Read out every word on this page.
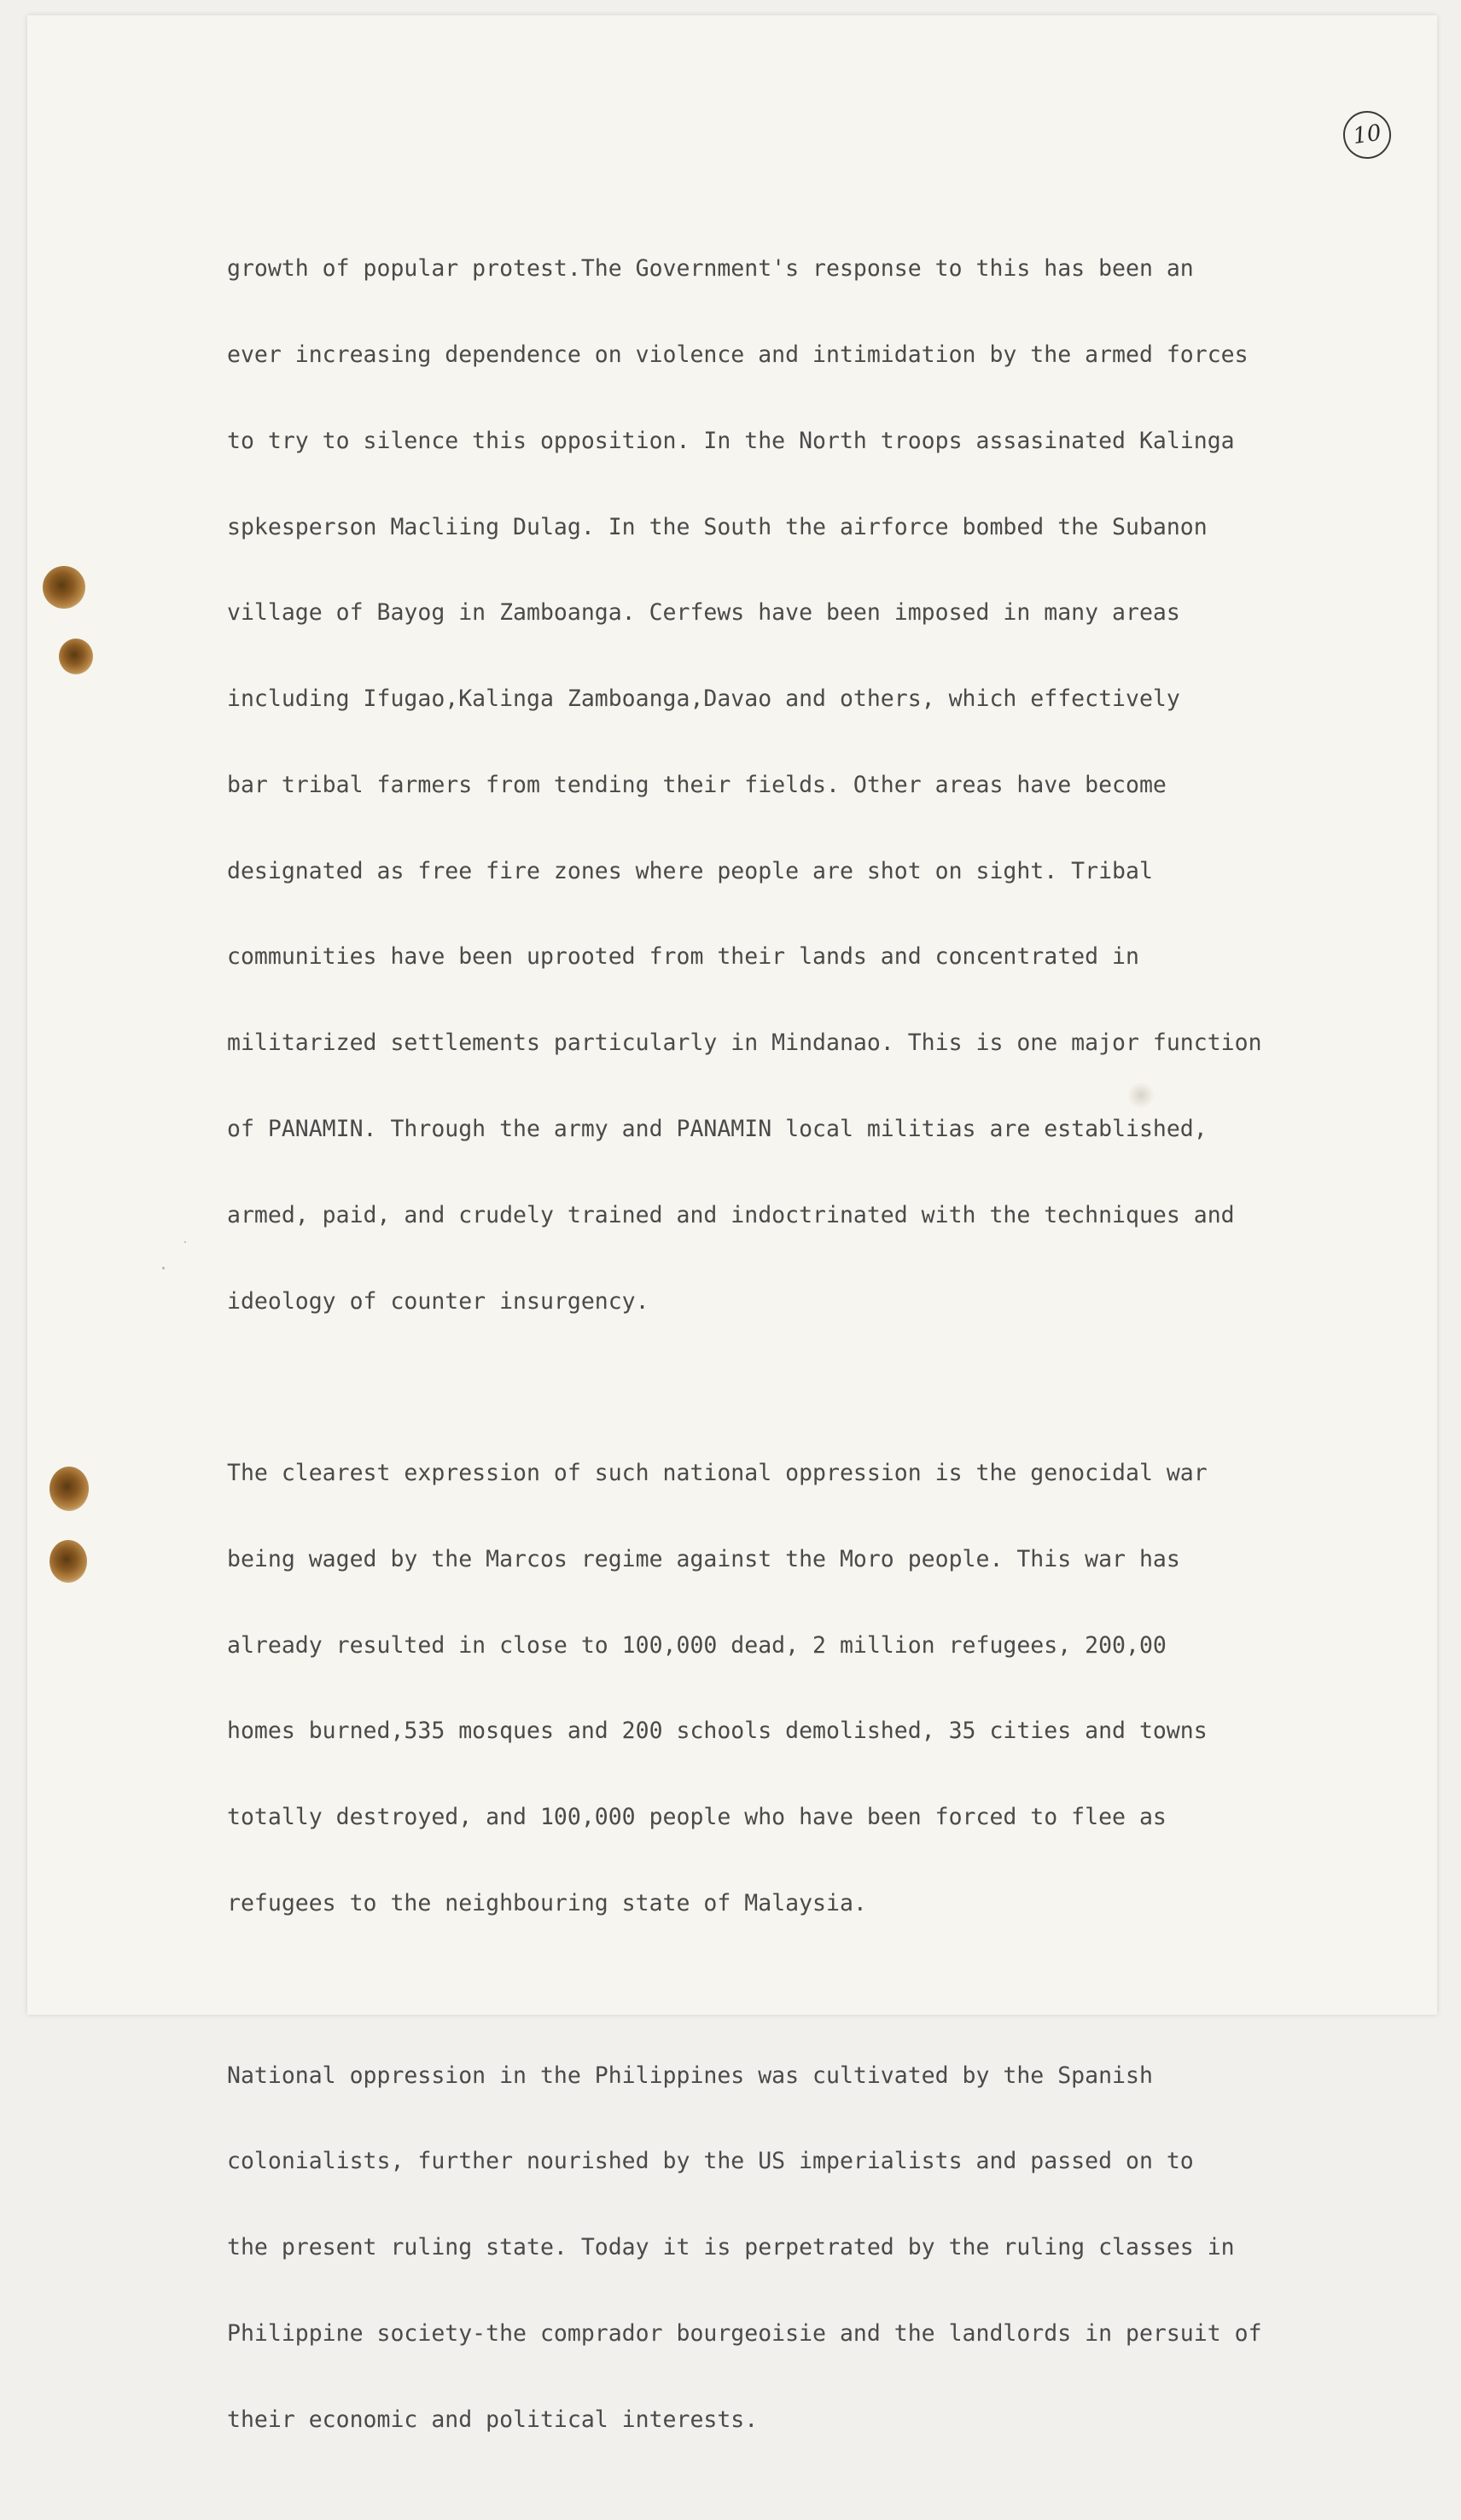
10

growth of popular protest.The Government's response to this has been an

ever increasing dependence on violence and intimidation by the armed forces

to try to silence this opposition. In the North troops assasinated Kalinga

spkesperson Macliing Dulag. In the South the airforce bombed the Subanon

village of Bayog in Zamboanga. Cerfews have been imposed in many areas

including Ifugao,Kalinga Zamboanga,Davao and others, which effectively

bar tribal farmers from tending their fields. Other areas have become

designated as free fire zones where people are shot on sight. Tribal

communities have been uprooted from their lands and concentrated in

militarized settlements particularly in Mindanao. This is one major function

of PANAMIN. Through the army and PANAMIN local militias are established,

armed, paid, and crudely trained and indoctrinated with the techniques and

ideology of counter insurgency.

The clearest expression of such national oppression is the genocidal war

being waged by the Marcos regime against the Moro people. This war has

already resulted in close to 100,000 dead, 2 million refugees, 200,00

homes burned,535 mosques and 200 schools demolished, 35 cities and towns

totally destroyed, and 100,000 people who have been forced to flee as

refugees to the neighbouring state of Malaysia.

National oppression in the Philippines was cultivated by the Spanish

colonialists, further nourished by the US imperialists and passed on to

the present ruling state. Today it is perpetrated by the ruling classes in

Philippine society-the comprador bourgeoisie and the landlords in persuit of

their economic and political interests.
